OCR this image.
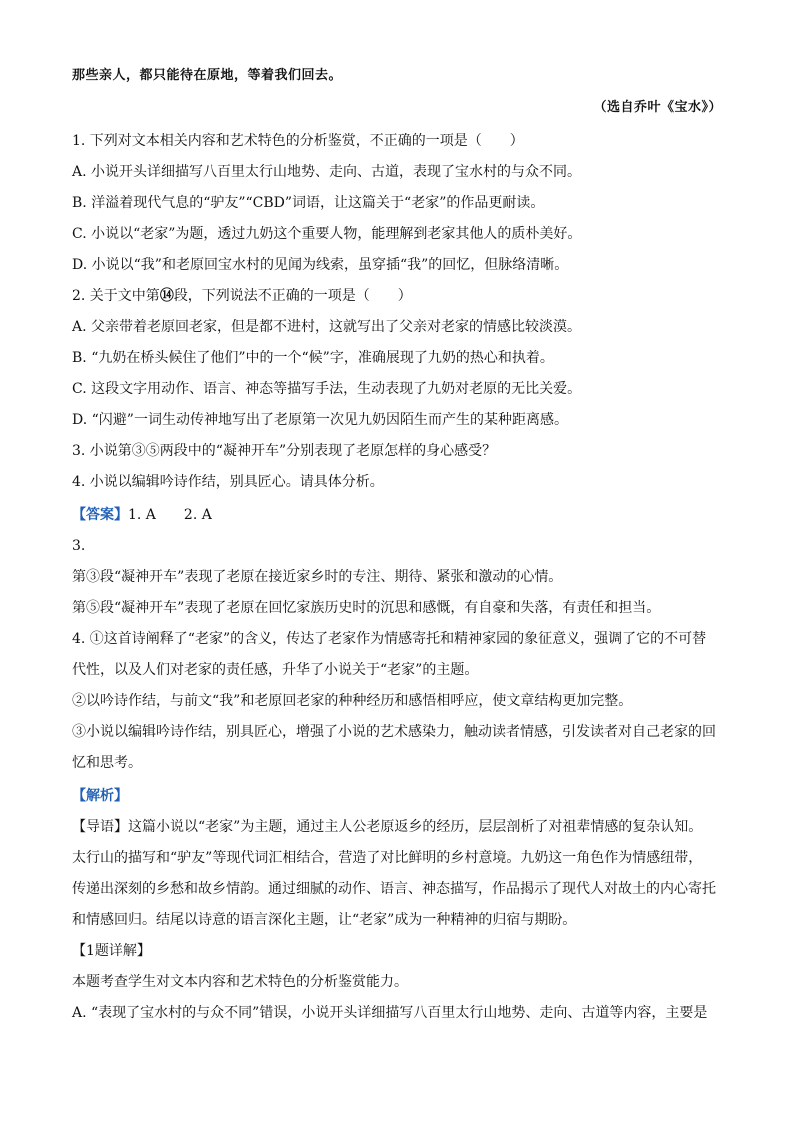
那些亲人，都只能待在原地，等着我们回去。
（选自乔叶《宝水》）
1. 下列对文本相关内容和艺术特色的分析鉴赏，不正确的一项是（　　）
A. 小说开头详细描写八百里太行山地势、走向、古道，表现了宝水村的与众不同。
B. 洋溢着现代气息的“驴友”“CBD”词语，让这篇关于“老家”的作品更耐读。
C. 小说以“老家”为题，透过九奶这个重要人物，能理解到老家其他人的质朴美好。
D. 小说以“我”和老原回宝水村的见闻为线索，虽穿插“我”的回忆，但脉络清晰。
2. 关于文中第⑭段，下列说法不正确的一项是（　　）
A. 父亲带着老原回老家，但是都不进村，这就写出了父亲对老家的情感比较淡漠。
B. “九奶在桥头候住了他们”中的一个“候”字，准确展现了九奶的热心和执着。
C. 这段文字用动作、语言、神态等描写手法，生动表现了九奶对老原的无比关爱。
D. “闪避”一词生动传神地写出了老原第一次见九奶因陌生而产生的某种距离感。
3. 小说第③⑤两段中的“凝神开车”分别表现了老原怎样的身心感受？
4. 小说以编辑吟诗作结，别具匠心。请具体分析。
【答案】1. A　　2. A
3.
第③段“凝神开车”表现了老原在接近家乡时的专注、期待、紧张和激动的心情。
第⑤段“凝神开车”表现了老原在回忆家族历史时的沉思和感慨，有自豪和失落，有责任和担当。
4. ①这首诗阐释了“老家”的含义，传达了老家作为情感寄托和精神家园的象征意义，强调了它的不可替
代性，以及人们对老家的责任感，升华了小说关于“老家”的主题。
②以吟诗作结，与前文“我”和老原回老家的种种经历和感悟相呼应，使文章结构更加完整。
③小说以编辑吟诗作结，别具匠心，增强了小说的艺术感染力，触动读者情感，引发读者对自己老家的回
忆和思考。
【解析】
【导语】这篇小说以“老家”为主题，通过主人公老原返乡的经历，层层剖析了对祖辈情感的复杂认知。
太行山的描写和“驴友”等现代词汇相结合，营造了对比鲜明的乡村意境。九奶这一角色作为情感纽带，
传递出深刻的乡愁和故乡情韵。通过细腻的动作、语言、神态描写，作品揭示了现代人对故土的内心寄托
和情感回归。结尾以诗意的语言深化主题，让“老家”成为一种精神的归宿与期盼。
【1题详解】
本题考查学生对文本内容和艺术特色的分析鉴赏能力。
A. “表现了宝水村的与众不同”错误，小说开头详细描写八百里太行山地势、走向、古道等内容，主要是
